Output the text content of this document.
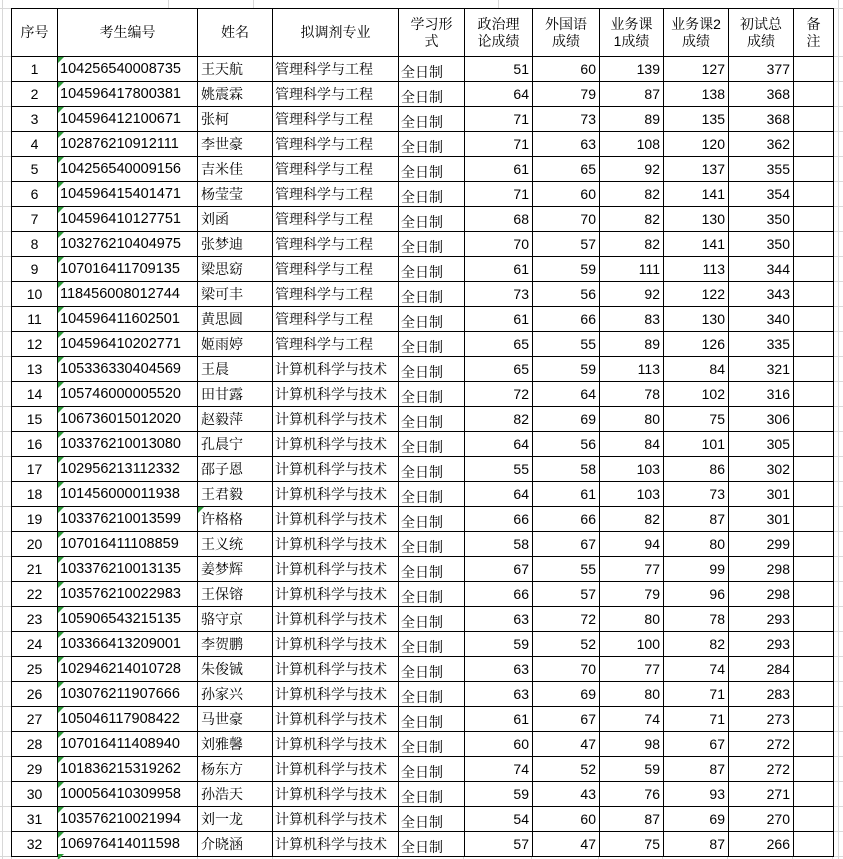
序号	考生编号	姓名	拟调剂专业	学习形式	政治理论成绩	外国语成绩	业务课1成绩	业务课2成绩	初试总成绩	备注
1	104256540008735	王天航	管理科学与工程	全日制	51	60	139	127	377	
2	104596417800381	姚震霖	管理科学与工程	全日制	64	79	87	138	368	
3	104596412100671	张柯	管理科学与工程	全日制	71	73	89	135	368	
4	102876210912111	李世豪	管理科学与工程	全日制	71	63	108	120	362	
5	104256540009156	吉米佳	管理科学与工程	全日制	61	65	92	137	355	
6	104596415401471	杨莹莹	管理科学与工程	全日制	71	60	82	141	354	
7	104596410127751	刘函	管理科学与工程	全日制	68	70	82	130	350	
8	103276210404975	张梦迪	管理科学与工程	全日制	70	57	82	141	350	
9	107016411709135	梁思窈	管理科学与工程	全日制	61	59	111	113	344	
10	118456008012744	梁可丰	管理科学与工程	全日制	73	56	92	122	343	
11	104596411602501	黄思圆	管理科学与工程	全日制	61	66	83	130	340	
12	104596410202771	姬雨婷	管理科学与工程	全日制	65	55	89	126	335	
13	105336330404569	王晨	计算机科学与技术	全日制	65	59	113	84	321	
14	105746000005520	田甘露	计算机科学与技术	全日制	72	64	78	102	316	
15	106736015012020	赵毅萍	计算机科学与技术	全日制	82	69	80	75	306	
16	103376210013080	孔晨宁	计算机科学与技术	全日制	64	56	84	101	305	
17	102956213112332	邵子恩	计算机科学与技术	全日制	55	58	103	86	302	
18	101456000011938	王君毅	计算机科学与技术	全日制	64	61	103	73	301	
19	103376210013599	许格格	计算机科学与技术	全日制	66	66	82	87	301	
20	107016411108859	王义统	计算机科学与技术	全日制	58	67	94	80	299	
21	103376210013135	姜梦辉	计算机科学与技术	全日制	67	55	77	99	298	
22	103576210022983	王保镕	计算机科学与技术	全日制	66	57	79	96	298	
23	105906543215135	骆守京	计算机科学与技术	全日制	63	72	80	78	293	
24	103366413209001	李贺鹏	计算机科学与技术	全日制	59	52	100	82	293	
25	102946214010728	朱俊铖	计算机科学与技术	全日制	63	70	77	74	284	
26	103076211907666	孙家兴	计算机科学与技术	全日制	63	69	80	71	283	
27	105046117908422	马世豪	计算机科学与技术	全日制	61	67	74	71	273	
28	107016411408940	刘雅馨	计算机科学与技术	全日制	60	47	98	67	272	
29	101836215319262	杨东方	计算机科学与技术	全日制	74	52	59	87	272	
30	100056410309958	孙浩天	计算机科学与技术	全日制	59	43	76	93	271	
31	103576210021994	刘一龙	计算机科学与技术	全日制	54	60	87	69	270	
32	106976414011598	介晓涵	计算机科学与技术	全日制	57	47	75	87	266	
